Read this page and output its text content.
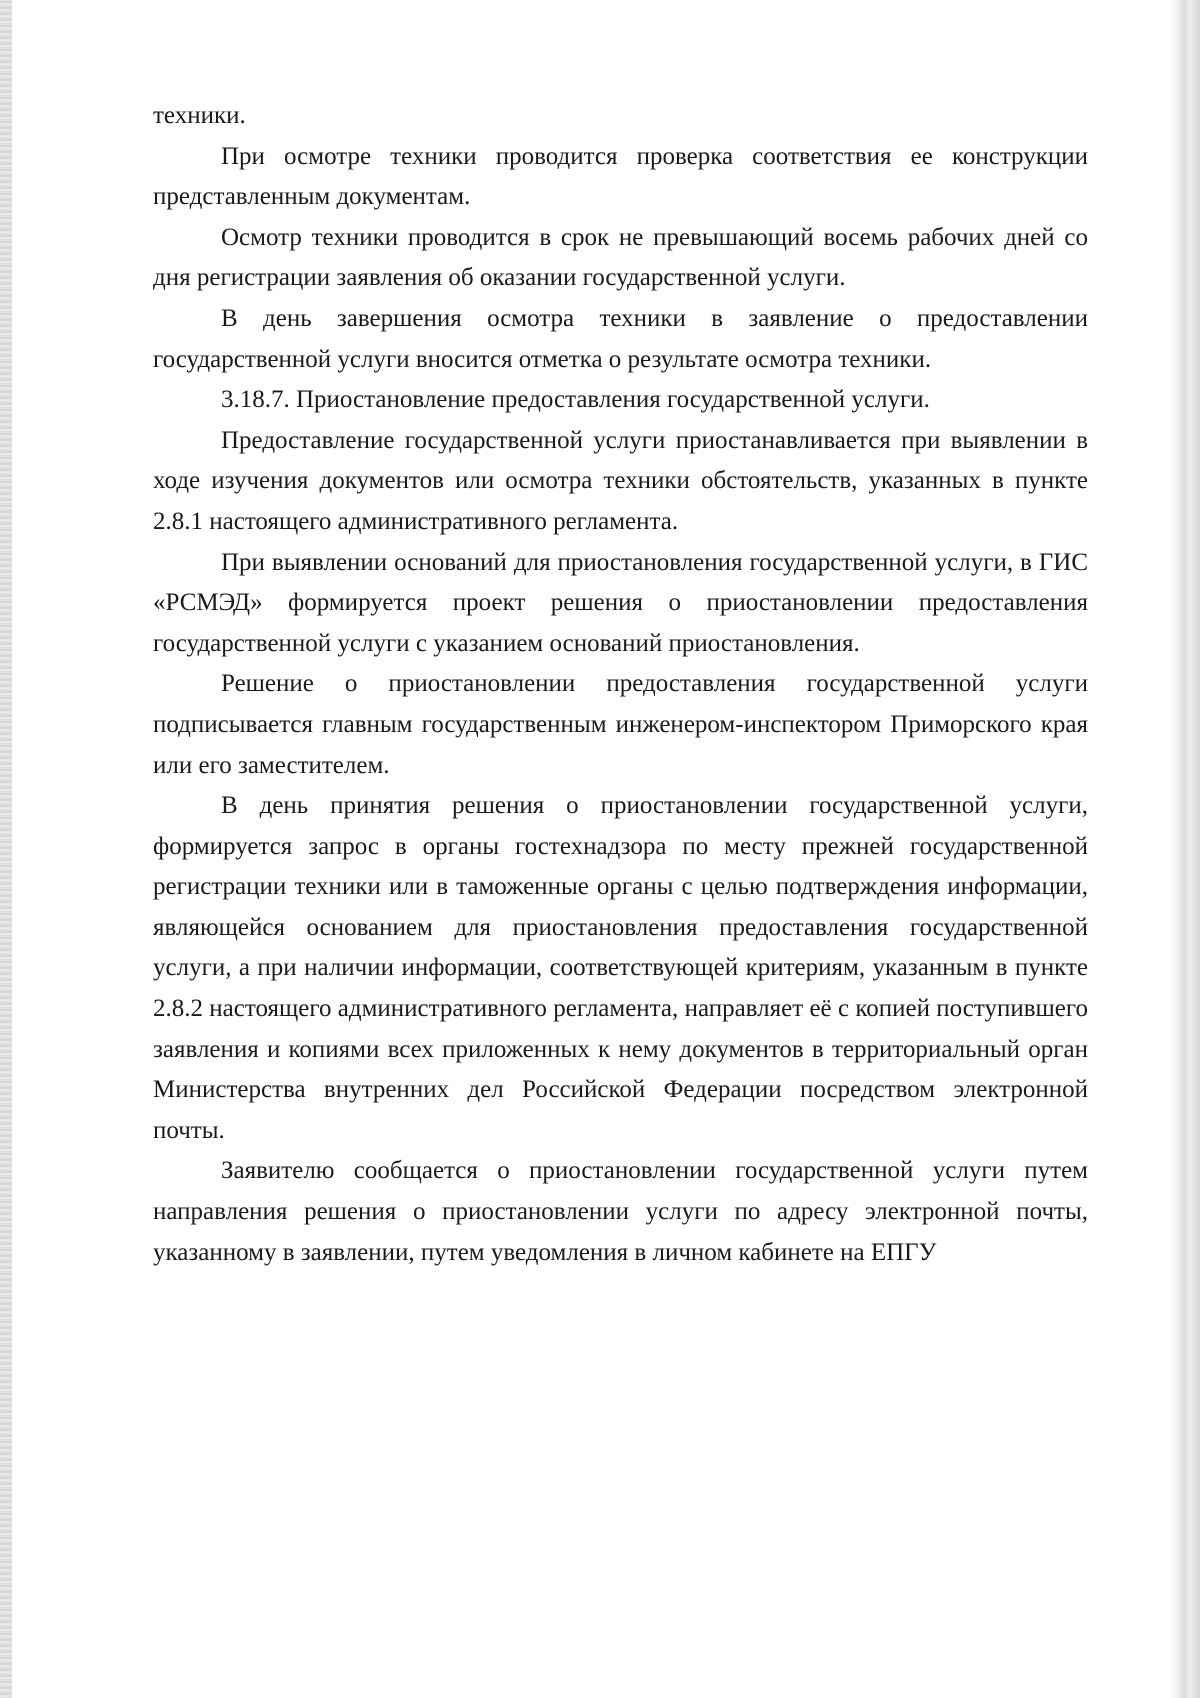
техники.

При осмотре техники проводится проверка соответствия ее конструкции представленным документам.

Осмотр техники проводится в срок не превышающий восемь рабочих дней со дня регистрации заявления об оказании государственной услуги.

В день завершения осмотра техники в заявление о предоставлении государственной услуги вносится отметка о результате осмотра техники.

3.18.7. Приостановление предоставления государственной услуги.

Предоставление государственной услуги приостанавливается при выявлении в ходе изучения документов или осмотра техники обстоятельств, указанных в пункте 2.8.1 настоящего административного регламента.

При выявлении оснований для приостановления государственной услуги, в ГИС «РСМЭД» формируется проект решения о приостановлении предоставления государственной услуги с указанием оснований приостановления.

Решение о приостановлении предоставления государственной услуги подписывается главным государственным инженером-инспектором Приморского края или его заместителем.

В день принятия решения о приостановлении государственной услуги, формируется запрос в органы гостехнадзора по месту прежней государственной регистрации техники или в таможенные органы с целью подтверждения информации, являющейся основанием для приостановления предоставления государственной услуги, а при наличии информации, соответствующей критериям, указанным в пункте 2.8.2 настоящего административного регламента, направляет её с копией поступившего заявления и копиями всех приложенных к нему документов в территориальный орган Министерства внутренних дел Российской Федерации посредством электронной почты.

Заявителю сообщается о приостановлении государственной услуги путем направления решения о приостановлении услуги по адресу электронной почты, указанному в заявлении, путем уведомления в личном кабинете на ЕПГУ
